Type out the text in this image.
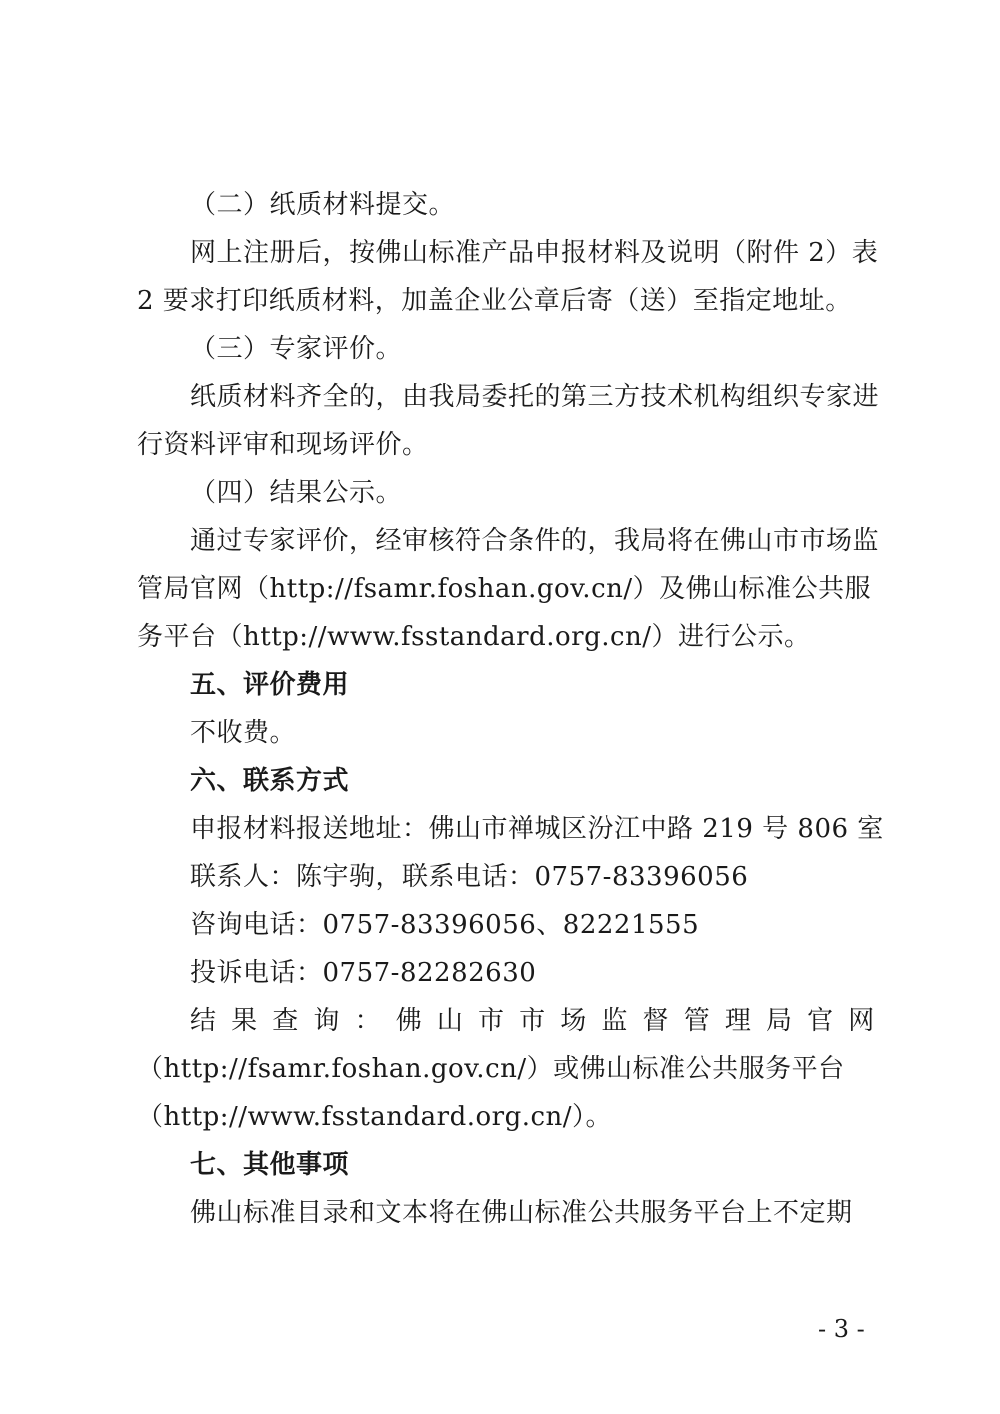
（二）纸质材料提交。
网上注册后，按佛山标准产品申报材料及说明（附件 2）表
2 要求打印纸质材料，加盖企业公章后寄（送）至指定地址。
（三）专家评价。
纸质材料齐全的，由我局委托的第三方技术机构组织专家进
行资料评审和现场评价。
（四）结果公示。
通过专家评价，经审核符合条件的，我局将在佛山市市场监
管局官网（http://fsamr.foshan.gov.cn/）及佛山标准公共服
务平台（http://www.fsstandard.org.cn/）进行公示。
五、评价费用
不收费。
六、联系方式
申报材料报送地址：佛山市禅城区汾江中路 219 号 806 室
联系人：陈宇驹，联系电话：0757-83396056
咨询电话：0757-83396056、82221555
投诉电话：0757-82282630
结 果 查 询 ： 佛 山 市 市 场 监 督 管 理 局 官 网
（http://fsamr.foshan.gov.cn/）或佛山标准公共服务平台
（http://www.fsstandard.org.cn/）。
七、其他事项
佛山标准目录和文本将在佛山标准公共服务平台上不定期
- 3 -
